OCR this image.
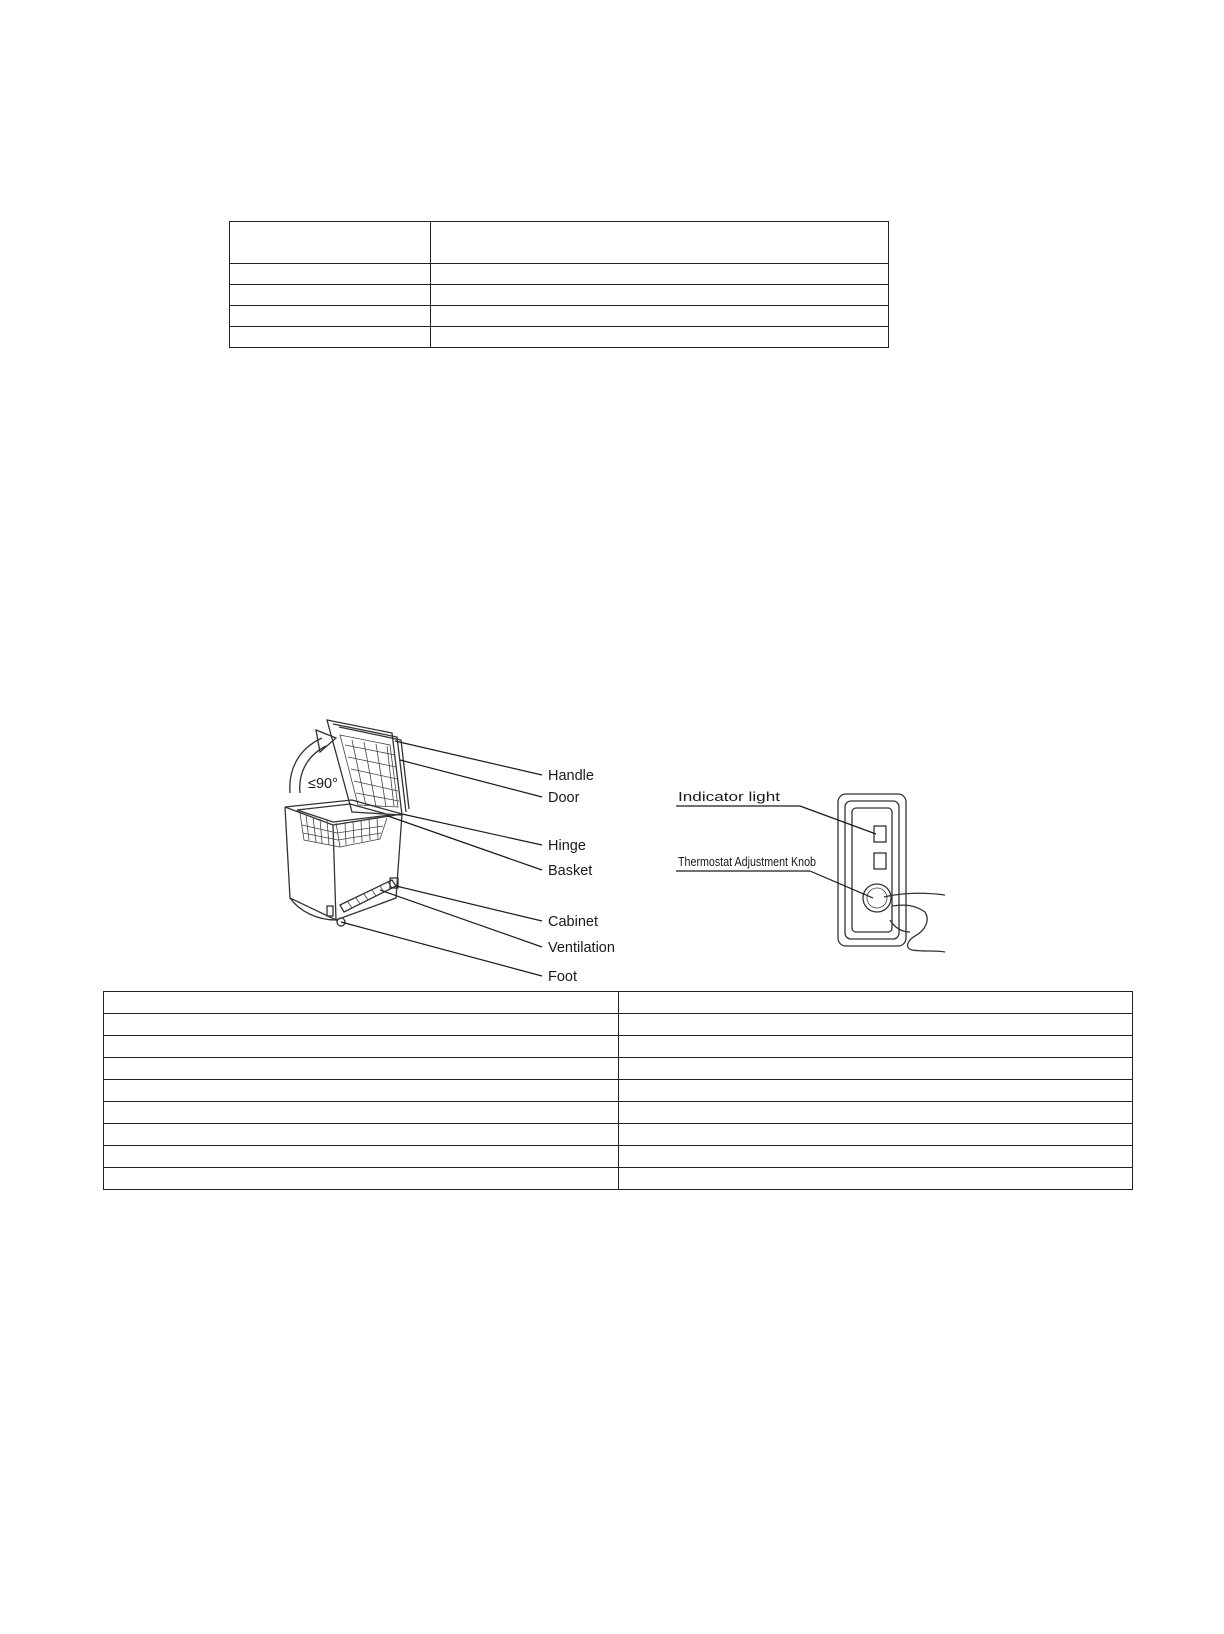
≤90°	Handle
Door
Hinge
Basket
Cabinet
Ventilation
Foot
Indicator light
Thermostat Adjustment Knob
